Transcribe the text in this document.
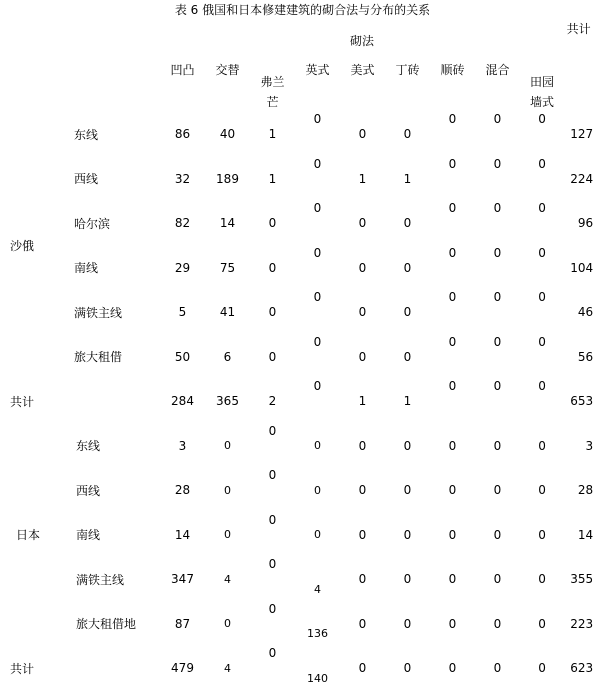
表 6 俄国和日本修建建筑的砌合法与分布的关系
		砌法									共计
		凹凸	交替	弗兰芒	英式	美式	丁砖	顺砖	混合	田园墙式	
沙俄	东线	86	40	1	0	0	0	0	0	0	127
	西线	32	189	1	0	1	1	0	0	0	224
	哈尔滨	82	14	0	0	0	0	0	0	0	96
	南线	29	75	0	0	0	0	0	0	0	104
	满铁主线	5	41	0	0	0	0	0	0	0	46
	旅大租借	50	6	0	0	0	0	0	0	0	56
共计		284	365	2	0	1	1	0	0	0	653
日本	东线	3	0	0	0	0	0	0	0	0	3
	西线	28	0	0	0	0	0	0	0	0	28
	南线	14	0	0	0	0	0	0	0	0	14
	满铁主线	347	4	0	4	0	0	0	0	0	355
	旅大租借地	87	0	0	136	0	0	0	0	0	223
共计		479	4	0	140	0	0	0	0	0	623
